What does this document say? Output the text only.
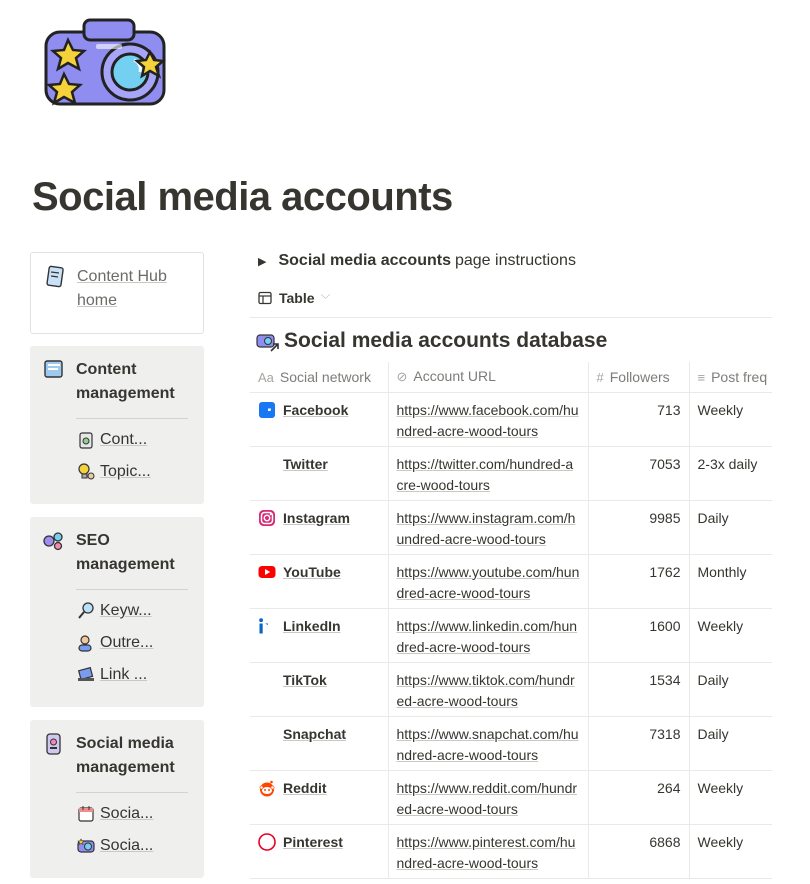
Social media accounts
Content Hub home
Content management
Cont...
Topic...
SEO management
Keyw...
Outre...
Link ...
Social media management
Socia...
Socia...
▶ Social media accounts page instructions
Table ﹀
Social media accounts database
Aa Social network	⊘ Account URL	# Followers	≡ Post freq

Facebook	https://www.facebook.com/hundred-acre-wood-tours	713	Weekly

Twitter	https://twitter.com/hundred-acre-wood-tours	7053	2-3x daily

Instagram	https://www.instagram.com/hundred-acre-wood-tours	9985	Daily

YouTube	https://www.youtube.com/hundred-acre-wood-tours	1762	Monthly

LinkedIn	https://www.linkedin.com/hundred-acre-wood-tours	1600	Weekly

TikTok	https://www.tiktok.com/hundred-acre-wood-tours	1534	Daily

Snapchat	https://www.snapchat.com/hundred-acre-wood-tours	7318	Daily

Reddit	https://www.reddit.com/hundred-acre-wood-tours	264	Weekly

Pinterest	https://www.pinterest.com/hundred-acre-wood-tours	6868	Weekly
